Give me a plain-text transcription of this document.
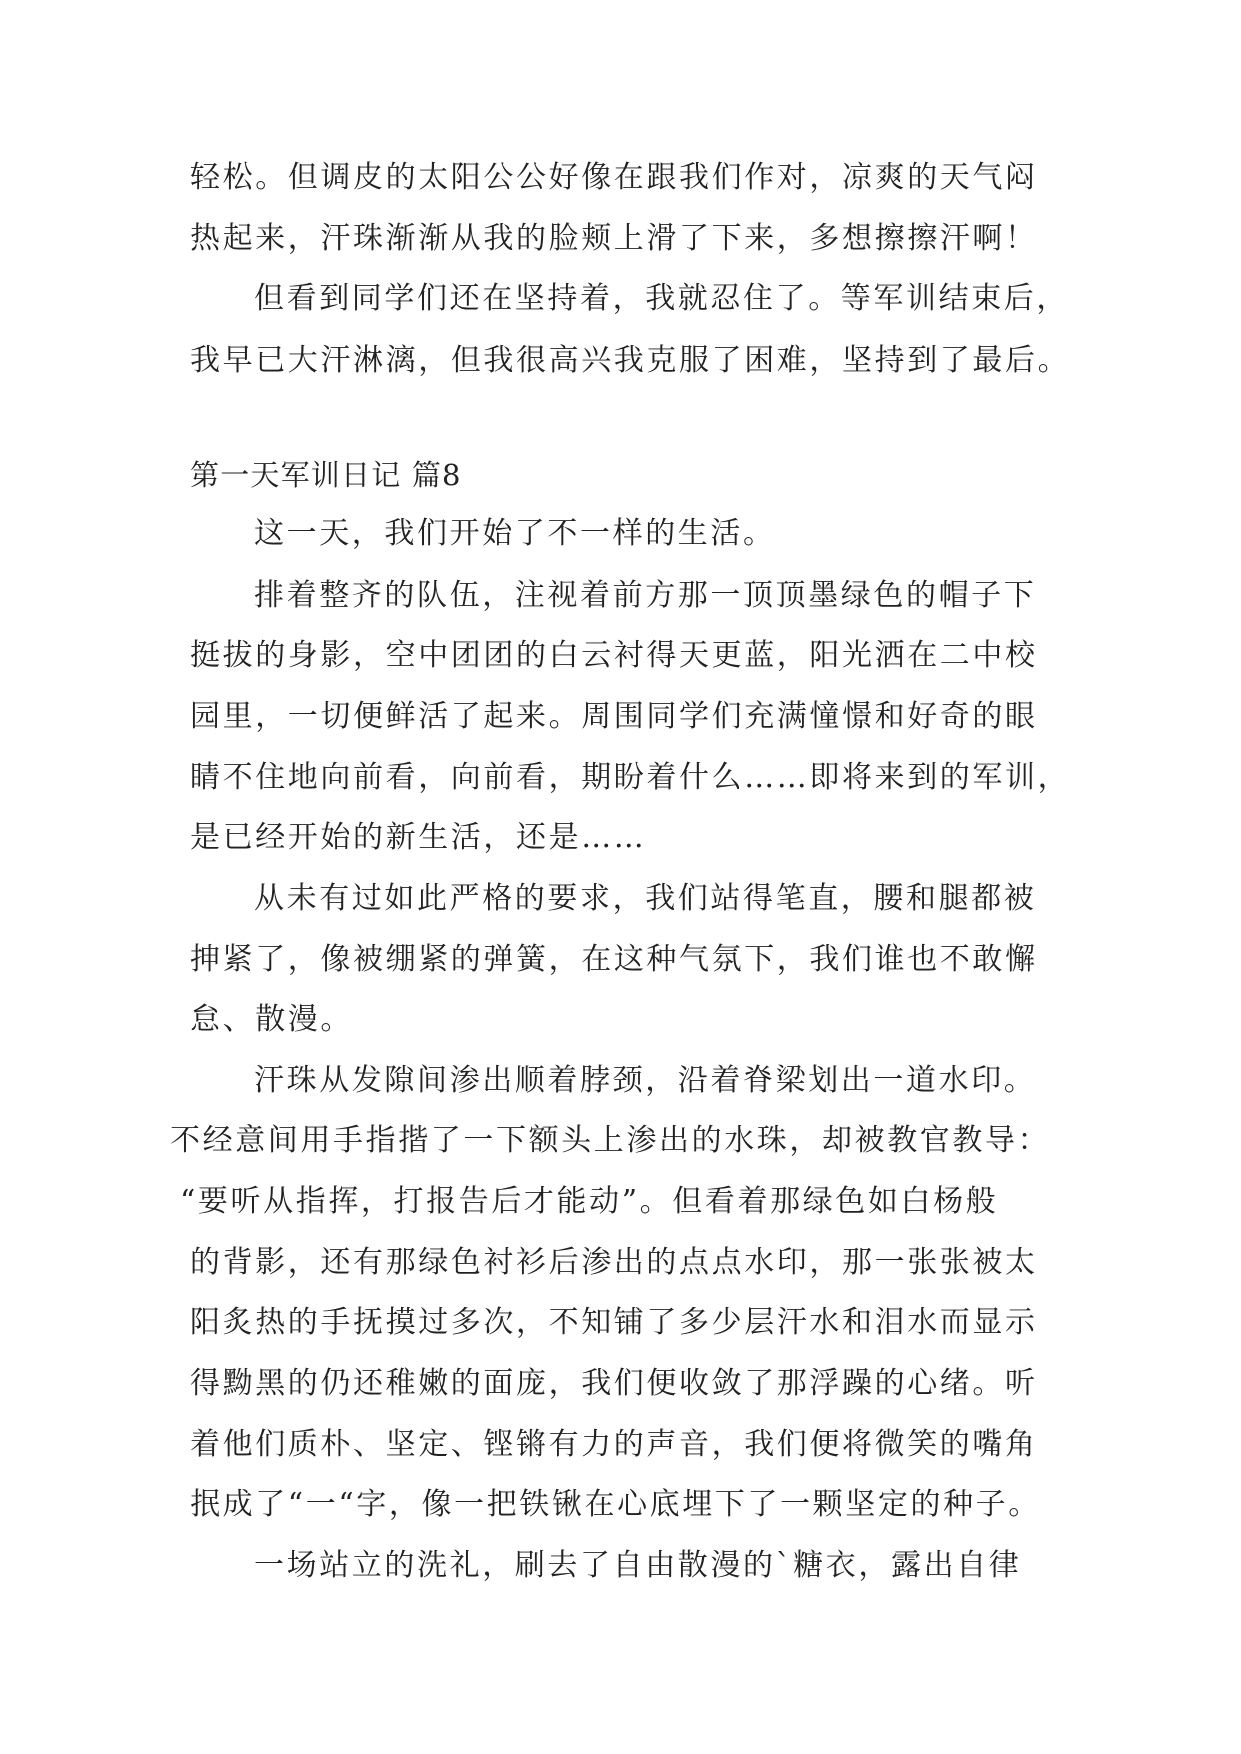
轻松。但调皮的太阳公公好像在跟我们作对，凉爽的天气闷
热起来，汗珠渐渐从我的脸颊上滑了下来，多想擦擦汗啊！
但看到同学们还在坚持着，我就忍住了。等军训结束后，
我早已大汗淋漓，但我很高兴我克服了困难，坚持到了最后。
第一天军训日记 篇8
这一天，我们开始了不一样的生活。
排着整齐的队伍，注视着前方那一顶顶墨绿色的帽子下
挺拔的身影，空中团团的白云衬得天更蓝，阳光洒在二中校
园里，一切便鲜活了起来。周围同学们充满憧憬和好奇的眼
睛不住地向前看，向前看，期盼着什么……即将来到的军训，
是已经开始的新生活，还是……
从未有过如此严格的要求，我们站得笔直，腰和腿都被
抻紧了，像被绷紧的弹簧，在这种气氛下，我们谁也不敢懈
怠、散漫。
汗珠从发隙间渗出顺着脖颈，沿着脊梁划出一道水印。
不经意间用手指揩了一下额头上渗出的水珠，却被教官教导：
“要听从指挥，打报告后才能动”。但看着那绿色如白杨般
的背影，还有那绿色衬衫后渗出的点点水印，那一张张被太
阳炙热的手抚摸过多次，不知铺了多少层汗水和泪水而显示
得黝黑的仍还稚嫩的面庞，我们便收敛了那浮躁的心绪。听
着他们质朴、坚定、铿锵有力的声音，我们便将微笑的嘴角
抿成了“一“字，像一把铁锹在心底埋下了一颗坚定的种子。
一场站立的洗礼，刷去了自由散漫的`糖衣，露出自律
